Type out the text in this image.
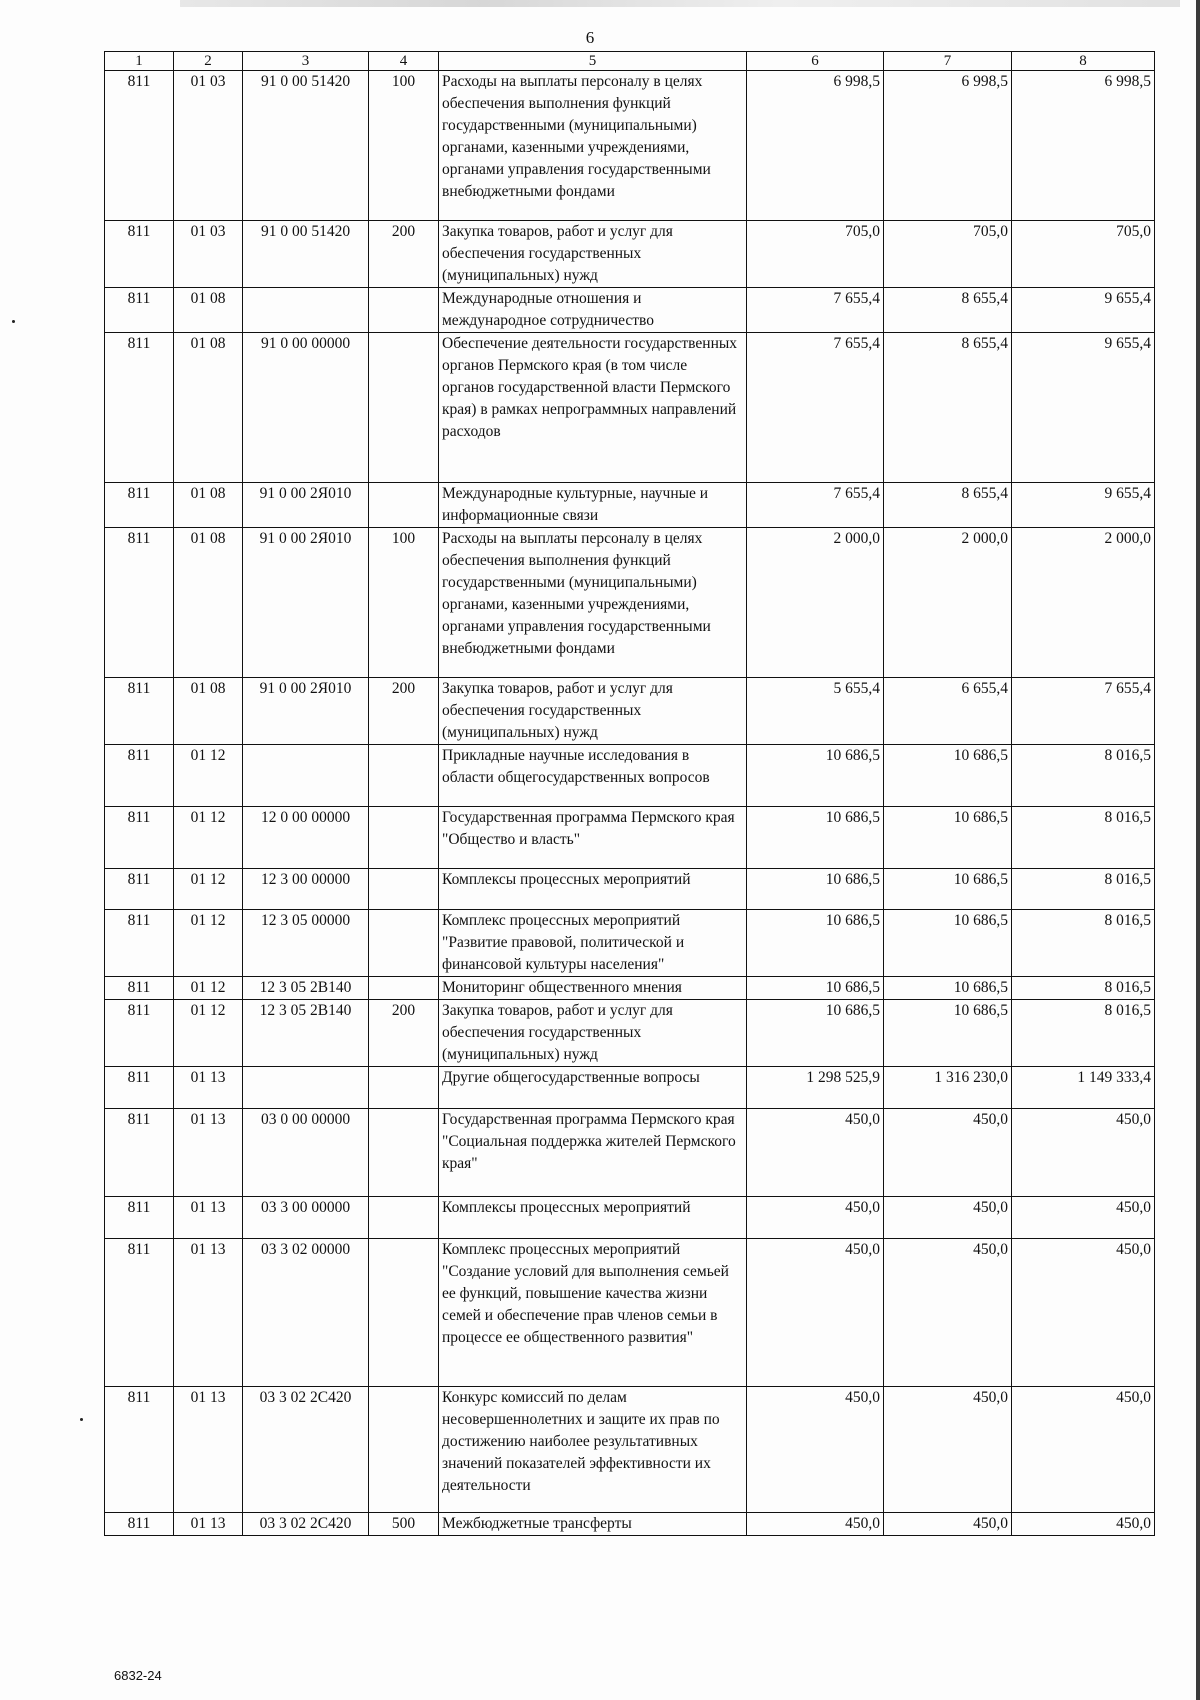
6
1	2	3	4	5	6	7	8
811	01 03	91 0 00 51420	100	Расходы на выплаты персоналу в целях обеспечения выполнения функций государственными (муниципальными) органами, казенными учреждениями, органами управления государственными внебюджетными фондами	6 998,5	6 998,5	6 998,5
811	01 03	91 0 00 51420	200	Закупка товаров, работ и услуг для обеспечения государственных (муниципальных) нужд	705,0	705,0	705,0
811	01 08			Международные отношения и международное сотрудничество	7 655,4	8 655,4	9 655,4
811	01 08	91 0 00 00000		Обеспечение деятельности государственных органов Пермского края (в том числе органов государственной власти Пермского края) в рамках непрограммных направлений расходов	7 655,4	8 655,4	9 655,4
811	01 08	91 0 00 2Я010		Международные культурные, научные и информационные связи	7 655,4	8 655,4	9 655,4
811	01 08	91 0 00 2Я010	100	Расходы на выплаты персоналу в целях обеспечения выполнения функций государственными (муниципальными) органами, казенными учреждениями, органами управления государственными внебюджетными фондами	2 000,0	2 000,0	2 000,0
811	01 08	91 0 00 2Я010	200	Закупка товаров, работ и услуг для обеспечения государственных (муниципальных) нужд	5 655,4	6 655,4	7 655,4
811	01 12			Прикладные научные исследования в области общегосударственных вопросов	10 686,5	10 686,5	8 016,5
811	01 12	12 0 00 00000		Государственная программа Пермского края "Общество и власть"	10 686,5	10 686,5	8 016,5
811	01 12	12 3 00 00000		Комплексы процессных мероприятий	10 686,5	10 686,5	8 016,5
811	01 12	12 3 05 00000		Комплекс процессных мероприятий "Развитие правовой, политической и финансовой культуры населения"	10 686,5	10 686,5	8 016,5
811	01 12	12 3 05 2В140		Мониторинг общественного мнения	10 686,5	10 686,5	8 016,5
811	01 12	12 3 05 2В140	200	Закупка товаров, работ и услуг для обеспечения государственных (муниципальных) нужд	10 686,5	10 686,5	8 016,5
811	01 13			Другие общегосударственные вопросы	1 298 525,9	1 316 230,0	1 149 333,4
811	01 13	03 0 00 00000		Государственная программа Пермского края "Социальная поддержка жителей Пермского края"	450,0	450,0	450,0
811	01 13	03 3 00 00000		Комплексы процессных мероприятий	450,0	450,0	450,0
811	01 13	03 3 02 00000		Комплекс процессных мероприятий "Создание условий для выполнения семьей ее функций, повышение качества жизни семей и обеспечение прав членов семьи в процессе ее общественного развития"	450,0	450,0	450,0
811	01 13	03 3 02 2С420		Конкурс комиссий по делам несовершеннолетних и защите их прав по достижению наиболее результативных значений показателей эффективности их деятельности	450,0	450,0	450,0
811	01 13	03 3 02 2С420	500	Межбюджетные трансферты	450,0	450,0	450,0
6832-24
